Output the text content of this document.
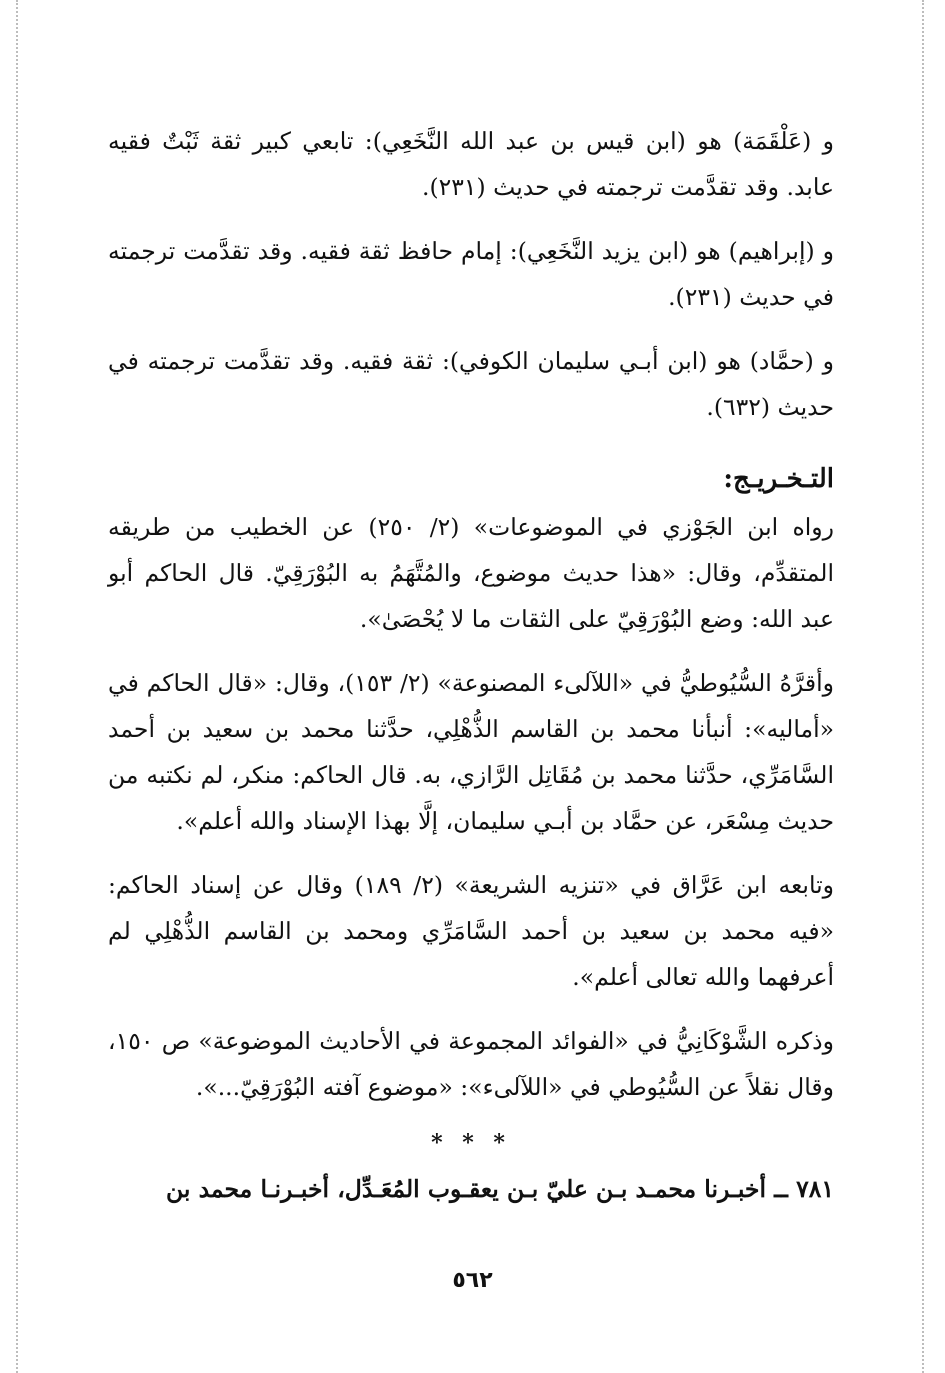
و (عَلْقَمَة) هو (ابن قيس بن عبد الله النَّخَعِي): تابعي كبير ثقة ثَبْتٌ فقيه عابد. وقد تقدَّمت ترجمته في حديث (٢٣١).

و (إبراهيم) هو (ابن يزيد النَّخَعِي): إمام حافظ ثقة فقيه. وقد تقدَّمت ترجمته في حديث (٢٣١).

و (حمَّاد) هو (ابن أبـي سليمان الكوفي): ثقة فقيه. وقد تقدَّمت ترجمته في حديث (٦٣٢).

التـخـريـج:

رواه ابن الجَوْزي في الموضوعات» (٢/ ٢٥٠) عن الخطيب من طريقه المتقدِّم، وقال: «هذا حديث موضوع، والمُتَّهَمُ به البُوْرَقِيّ. قال الحاكم أبو عبد الله: وضع البُوْرَقِيّ على الثقات ما لا يُحْصَىٰ».

وأقرَّهُ السُّيُوطيُّ في «اللآلىء المصنوعة» (٢/ ١٥٣)، وقال: «قال الحاكم في «أماليه»: أنبأنا محمد بن القاسم الذُّهْلِي، حدَّثنا محمد بن سعيد بن أحمد السَّامَرِّي، حدَّثنا محمد بن مُقَاتِل الرَّازي، به. قال الحاكم: منكر، لم نكتبه من حديث مِسْعَر، عن حمَّاد بن أبـي سليمان، إلَّا بهذا الإسناد والله أعلم».

وتابعه ابن عَرَّاق في «تنزيه الشريعة» (٢/ ١٨٩) وقال عن إسناد الحاكم: «فيه محمد بن سعيد بن أحمد السَّامَرِّي ومحمد بن القاسم الذُّهْلِي لم أعرفهما والله تعالى أعلم».

وذكره الشَّوْكَانِيُّ في «الفوائد المجموعة في الأحاديث الموضوعة» ص ١٥٠، وقال نقلاً عن السُّيُوطي في «اللآلىء»: «موضوع آفته البُوْرَقِيّ...».

* * *

٧٨١ ــ أخبـرنا محمـد بـن عليّ بـن يعقـوب المُعَـدِّل، أخبـرنـا محمد بن

٥٦٢
